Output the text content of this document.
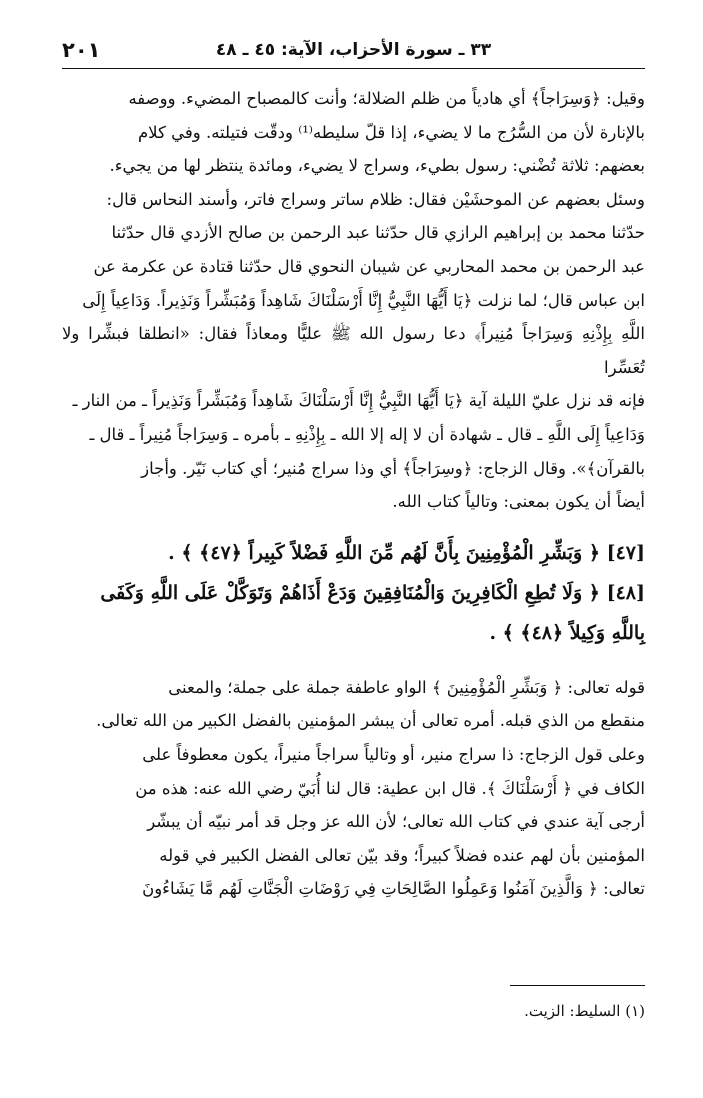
٣٣ ـ سورة الأحزاب، الآية: ٤٥ ـ ٤٨
٢٠١

وقيل: ﴿وَسِرَاجاً﴾ أي هادياً من ظلم الضلالة؛ وأنت كالمصباح المضيء. ووصفه

بالإنارة لأن من السُّرُج ما لا يضيء، إذا قلّ سليطه⁽¹⁾ ودقّت فتيلته. وفي كلام

بعضهم: ثلاثة تُضْني: رسول بطيء، وسراج لا يضيء، ومائدة ينتظر لها من يجيء.

وسئل بعضهم عن الموحشَيْن فقال: ظلام ساتر وسراج فاتر، وأسند النحاس قال:

حدّثنا محمد بن إبراهيم الرازي قال حدّثنا عبد الرحمن بن صالح الأزدي قال حدّثنا

عبد الرحمن بن محمد المحاربي عن شيبان النحوي قال حدّثنا قتادة عن عكرمة عن

ابن عباس قال؛ لما نزلت ﴿يَا أَيُّهَا النَّبِيُّ إِنَّا أَرْسَلْنَاكَ شَاهِداً وَمُبَشِّراً وَنَذِيراً. وَدَاعِياً إِلَى

اللَّهِ بِإِذْنِهِ وَسِرَاجاً مُنِيراً﴾ دعا رسول الله ﷺ عليًّا ومعاذاً فقال: «انطلقا فبشِّرا ولا تُعَسِّرا

فإنه قد نزل عليّ الليلة آية ﴿يَا أَيُّهَا النَّبِيُّ إِنَّا أَرْسَلْنَاكَ شَاهِداً وَمُبَشِّراً وَنَذِيراً ـ من النار ـ

وَدَاعِياً إِلَى اللَّهِ ـ قال ـ شهادة أن لا إله إلا الله ـ بِإِذْنِهِ ـ بأمره ـ وَسِرَاجاً مُنِيراً ـ قال ـ

بالقرآن﴾». وقال الزجاج: ﴿وسِرَاجاً﴾ أي وذا سراج مُنير؛ أي كتاب نَيّر. وأجاز

أيضاً أن يكون بمعنى: وتالياً كتاب الله.

[٤٧] ﴿ وَبَشِّرِ الْمُؤْمِنِينَ بِأَنَّ لَهُم مِّنَ اللَّهِ فَضْلاً كَبِيراً ﴿٤٧﴾ ﴾ .

[٤٨] ﴿ وَلَا تُطِعِ الْكَافِرِينَ وَالْمُنَافِقِينَ وَدَعْ أَذَاهُمْ وَتَوَكَّلْ عَلَى اللَّهِ وَكَفَى بِاللَّهِ وَكِيلاً ﴿٤٨﴾ ﴾ .

قوله تعالى: ﴿ وَبَشِّرِ الْمُؤْمِنِينَ ﴾ الواو عاطفة جملة على جملة؛ والمعنى

منقطع من الذي قبله. أمره تعالى أن يبشر المؤمنين بالفضل الكبير من الله تعالى.

وعلى قول الزجاج: ذا سراج منير، أو وتالياً سراجاً منيراً، يكون معطوفاً على

الكاف في ﴿ أَرْسَلْنَاكَ ﴾. قال ابن عطية: قال لنا أُبَيّ رضي الله عنه: هذه من

أرجى آية عندي في كتاب الله تعالى؛ لأن الله عز وجل قد أمر نبيّه أن يبشّر

المؤمنين بأن لهم عنده فضلاً كبيراً؛ وقد بيّن تعالى الفضل الكبير في قوله

تعالى: ﴿ وَالَّذِينَ آمَنُوا وَعَمِلُوا الصَّالِحَاتِ فِي رَوْضَاتِ الْجَنَّاتِ لَهُم مَّا يَشَاءُونَ

(١) السليط: الزيت.
